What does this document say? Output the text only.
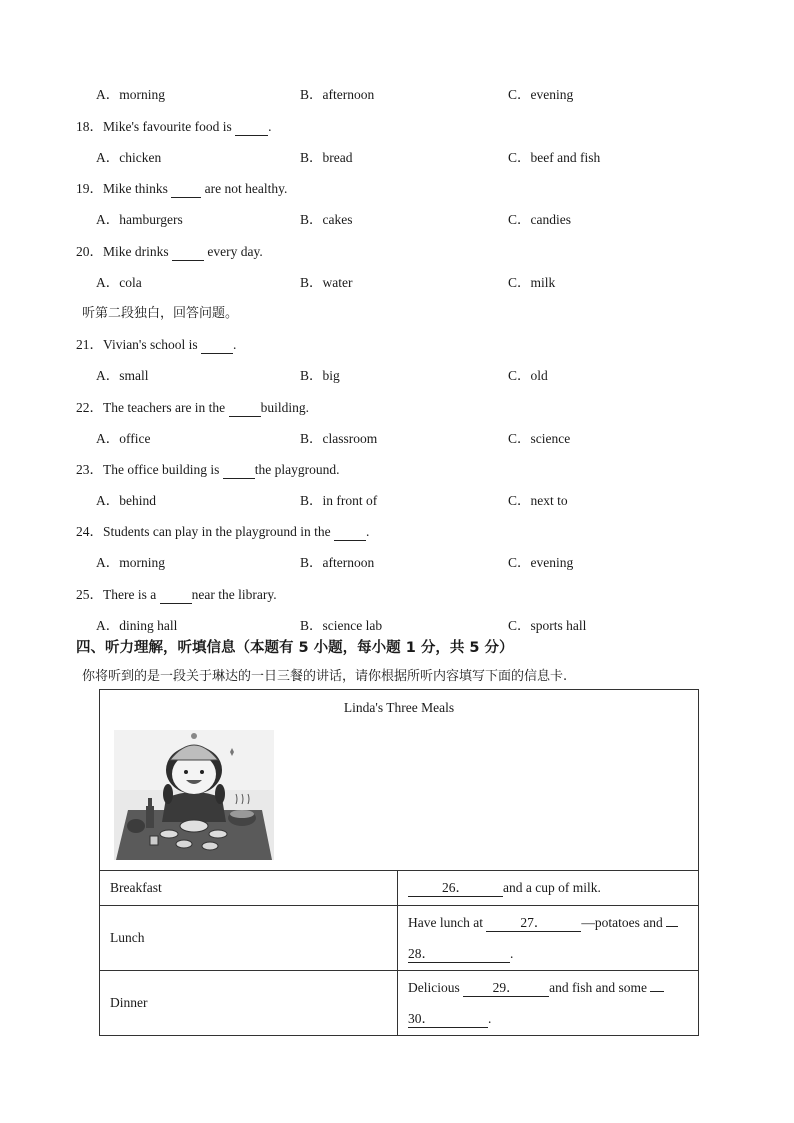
A．morning	B．afternoon	C．evening
18．Mike's favourite food is  .
A．chicken	B．bread	C．beef and fish
19．Mike thinks   are not healthy.
A．hamburgers	B．cakes	C．candies
20．Mike drinks   every day.
A．cola	B．water	C．milk
21．Vivian's school is  .
A．small	B．big	C．old
22．The teachers are in the  building.
A．office	B．classroom	C．science
23．The office building is  the playground.
A．behind	B．in front of	C．next to
24．Students can play in the playground in the  .
A．morning	B．afternoon	C．evening
25．There is a  near the library.
A．dining hall	B．science lab	C．sports hall
听第二段独白，回答问题。
四、听力理解，听填信息（本题有 5 小题，每小题 1 分，共 5 分）
你将听到的是一段关于琳达的一日三餐的讲话，请你根据所听内容填写下面的信息卡.
Linda's Three Meals	
Breakfast	26． and a cup of milk.
Lunch	Have lunch at 27． —potatoes and
28． .
Dinner	Delicious 29． and fish and some
30． .
